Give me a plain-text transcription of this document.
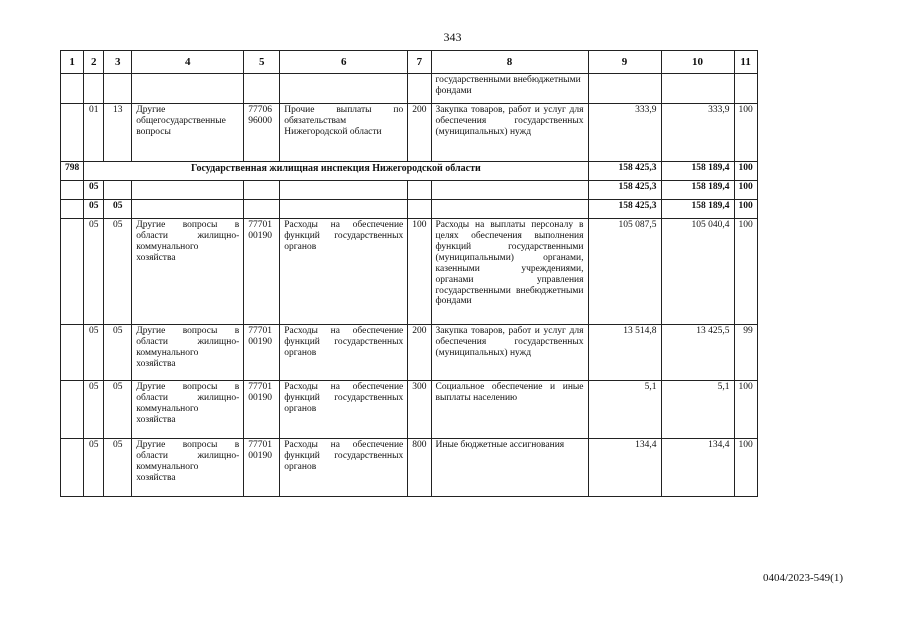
343
1	2	3	4	5	6	7	8	9	10	11
							государственными внебюджетными фондами			
	01	13	Другие общегосударственные вопросы	7770696000	Прочие выплаты по обязательствам Нижегородской области	200	Закупка товаров, работ и услуг для обеспечения государственных (муниципальных) нужд	333,9	333,9	100
798	Государственная жилищная инспекция Нижегородской области							158 425,3	158 189,4	100
	05							158 425,3	158 189,4	100
	05	05						158 425,3	158 189,4	100
	05	05	Другие вопросы в области жилищно-коммунального хозяйства	7770100190	Расходы на обеспечение функций государственных органов	100	Расходы на выплаты персоналу в целях обеспечения выполнения функций государственными (муниципальными) органами, казенными учреждениями, органами управления государственными внебюджетными фондами	105 087,5	105 040,4	100
	05	05	Другие вопросы в области жилищно-коммунального хозяйства	7770100190	Расходы на обеспечение функций государственных органов	200	Закупка товаров, работ и услуг для обеспечения государственных (муниципальных) нужд	13 514,8	13 425,5	99
	05	05	Другие вопросы в области жилищно-коммунального хозяйства	7770100190	Расходы на обеспечение функций государственных органов	300	Социальное обеспечение и иные выплаты населению	5,1	5,1	100
	05	05	Другие вопросы в области жилищно-коммунального хозяйства	7770100190	Расходы на обеспечение функций государственных органов	800	Иные бюджетные ассигнования	134,4	134,4	100
0404/2023-549(1)
